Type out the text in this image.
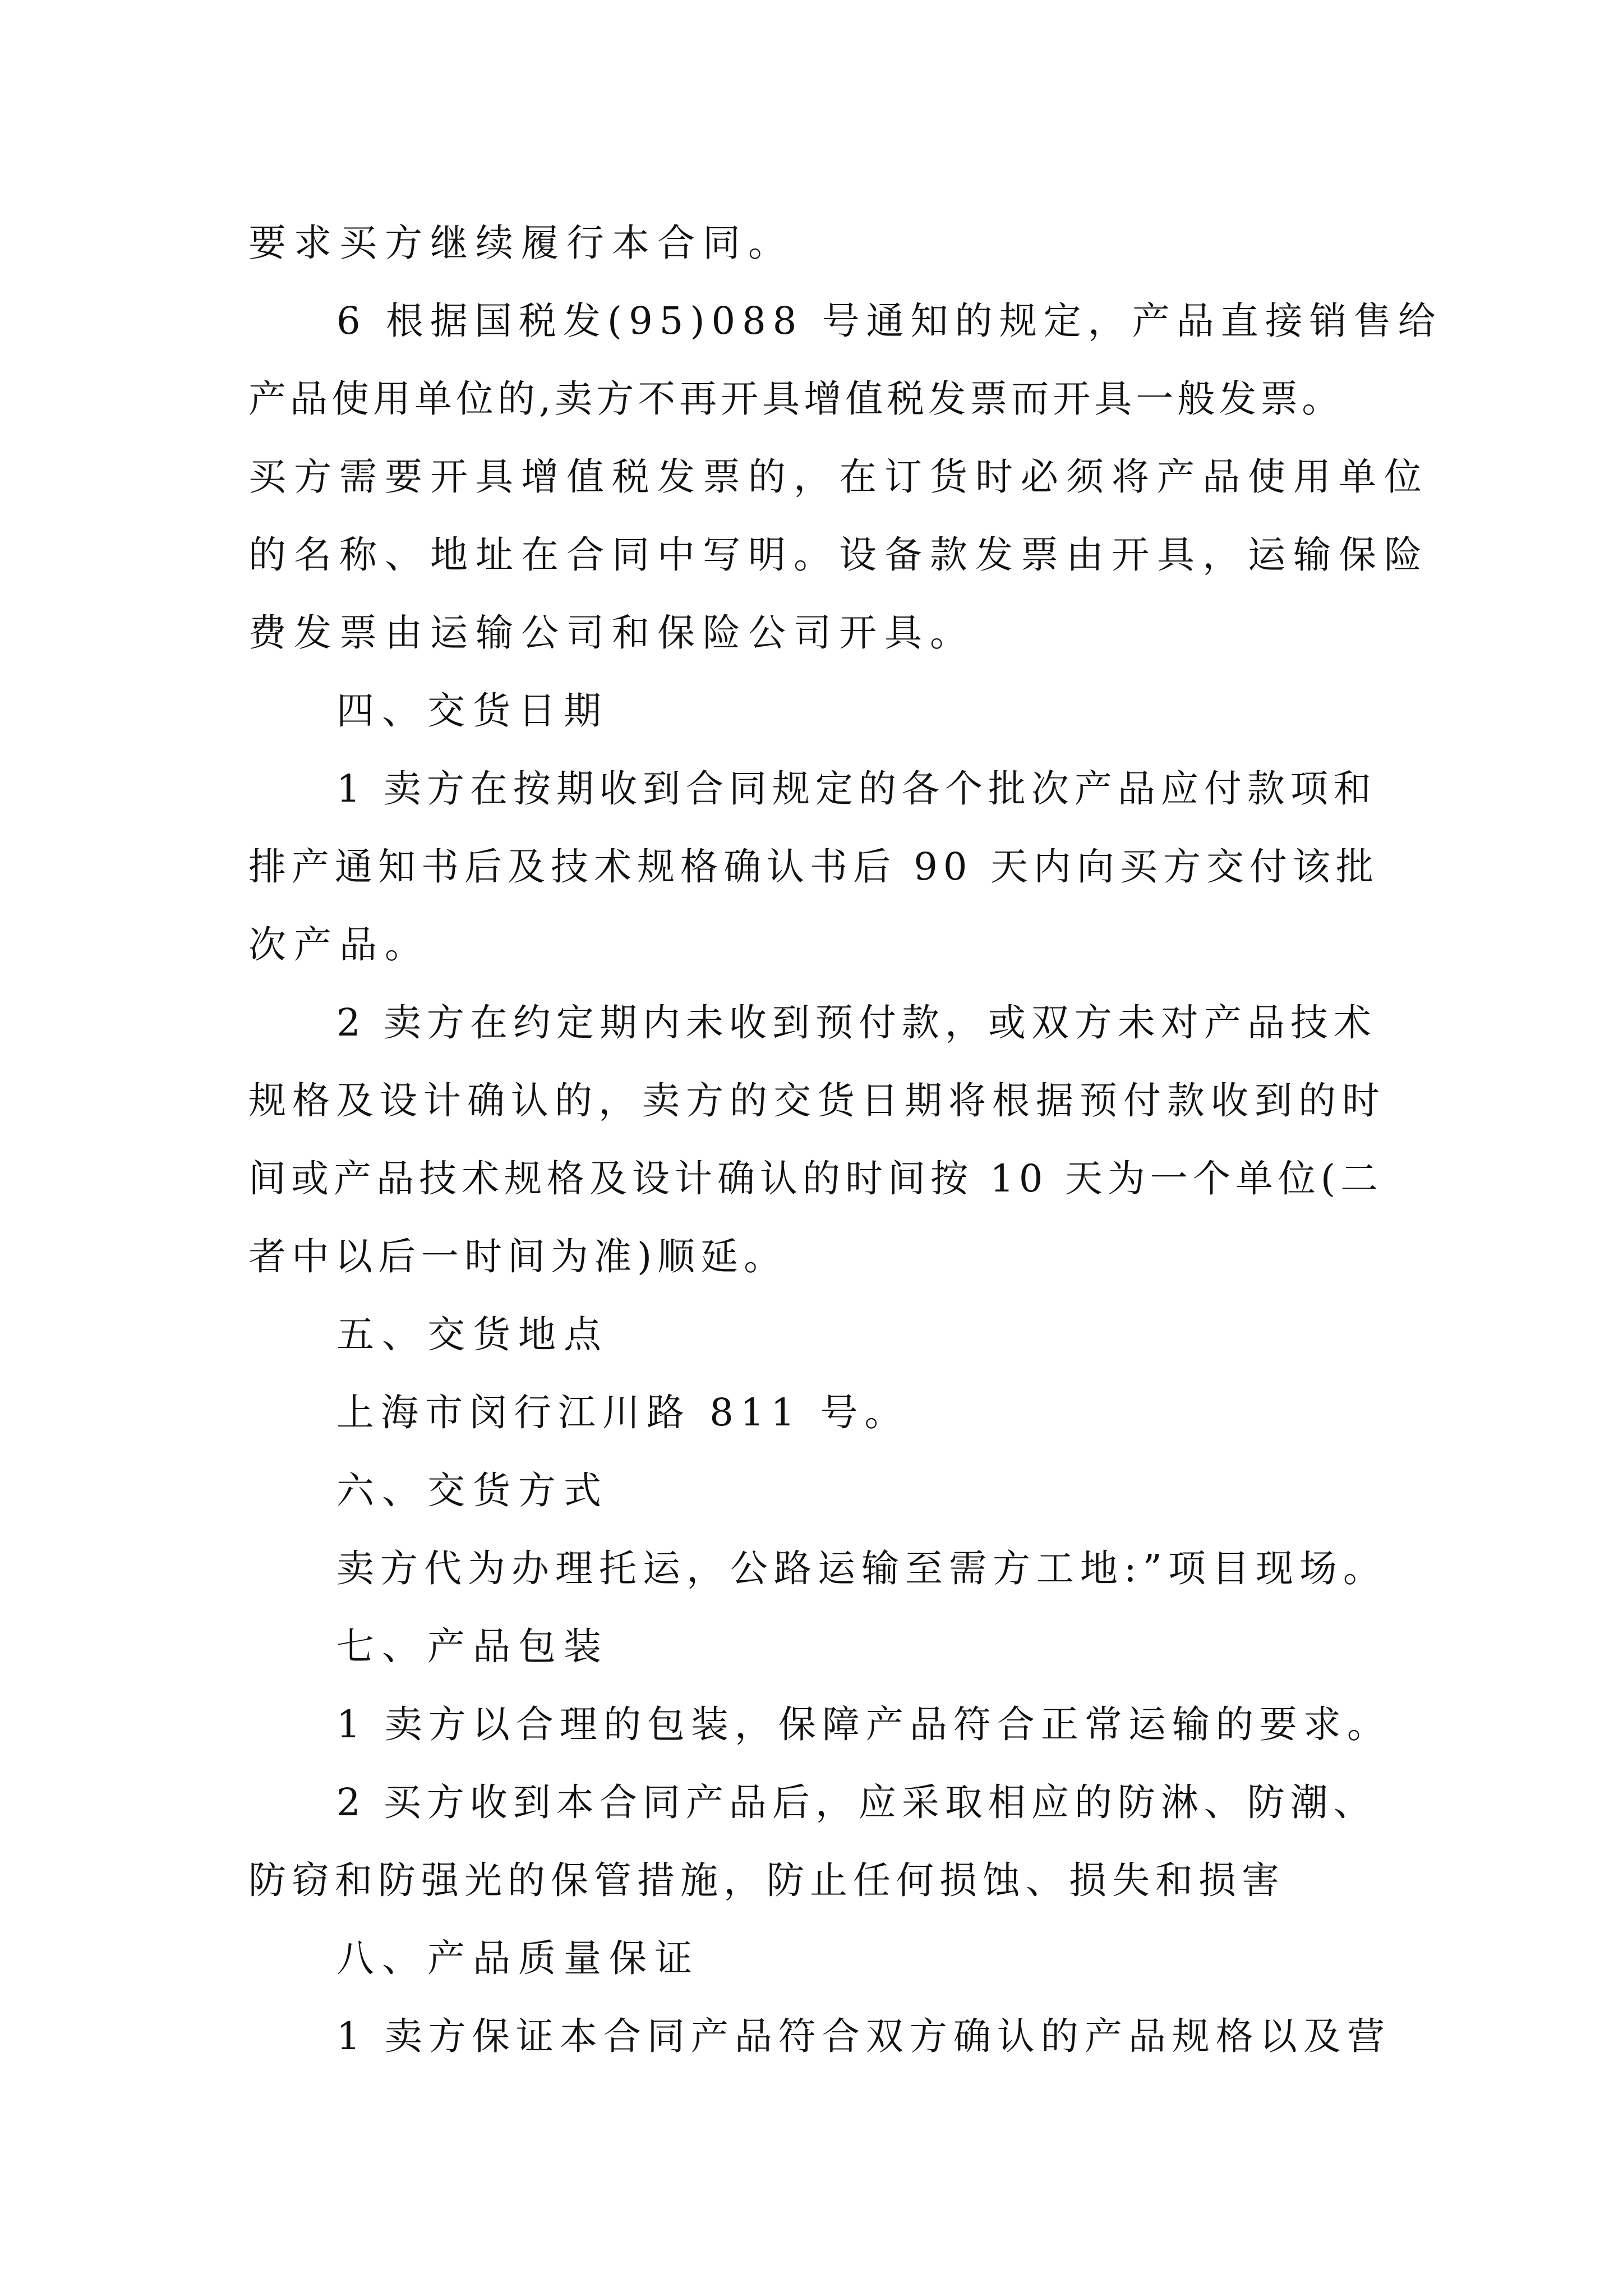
要求买方继续履行本合同。
6 根据国税发(95)088 号通知的规定，产品直接销售给
产品使用单位的,卖方不再开具增值税发票而开具一般发票。
买方需要开具增值税发票的，在订货时必须将产品使用单位
的名称、地址在合同中写明。设备款发票由开具，运输保险
费发票由运输公司和保险公司开具。
四、交货日期
1 卖方在按期收到合同规定的各个批次产品应付款项和
排产通知书后及技术规格确认书后 90 天内向买方交付该批
次产品。
2 卖方在约定期内未收到预付款，或双方未对产品技术
规格及设计确认的，卖方的交货日期将根据预付款收到的时
间或产品技术规格及设计确认的时间按 10 天为一个单位(二
者中以后一时间为准)顺延。
五、交货地点
上海市闵行江川路 811 号。
六、交货方式
卖方代为办理托运，公路运输至需方工地:”项目现场。
七、产品包装
1 卖方以合理的包装，保障产品符合正常运输的要求。
2 买方收到本合同产品后，应采取相应的防淋、防潮、
防窃和防强光的保管措施，防止任何损蚀、损失和损害
八、产品质量保证
1 卖方保证本合同产品符合双方确认的产品规格以及营
